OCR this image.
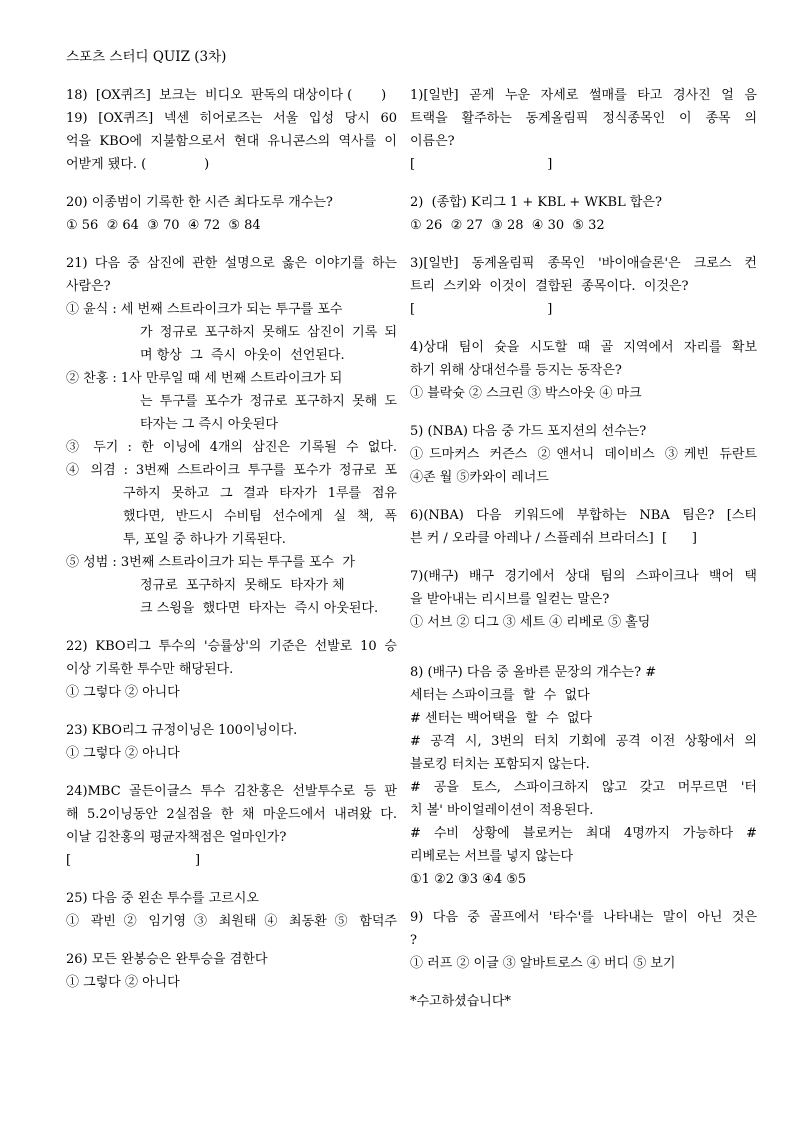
스포츠 스터디 QUIZ (3차)
18)  [OX퀴즈]  보크는  비디오  판독의 대상이다 (       )
19) [OX퀴즈] 넥센 히어로즈는 서울 입성 당시 60
억을 KBO에 지불함으로서 현대 유니콘스의 역사를 이
어받게 됐다. (              )
20) 이종범이 기록한 한 시즌 최다도루 개수는?
① 56  ② 64  ③ 70  ④ 72  ⑤ 84
21) 다음 중 삼진에 관한 설명으로 옳은 이야기를 하는
사람은?
① 윤식 : 세 번째 스트라이크가 되는 투구를 포수
가 정규로 포구하지 못해도 삼진이 기록 되
며 항상  그  즉시  아웃이  선언된다.
② 찬홍 : 1사 만루일 때 세 번째 스트라이크가 되
는 투구를 포수가 정규로 포구하지 못해 도
타자는 그 즉시 아웃된다
③ 두기 : 한 이닝에 4개의 삼진은 기록될 수 없다.
④ 의겸 : 3번째 스트라이크 투구를 포수가 정규로 포
구하지 못하고 그 결과 타자가 1루를 점유
했다면, 반드시 수비팀 선수에게 실 책, 폭
투, 포일 중 하나가 기록된다.
⑤ 성범 : 3번째 스트라이크가 되는 투구를 포수  가
정규로  포구하지  못해도  타자가 체
크 스윙을  했다면  타자는  즉시 아웃된다.
22) KBO리그 투수의 '승률상'의 기준은 선발로 10 승
이상 기록한 투수만 해당된다.
① 그렇다 ② 아니다
23) KBO리그 규정이닝은 100이닝이다.
① 그렇다 ② 아니다
24)MBC 골든이글스 투수 김찬홍은 선발투수로 등 판
해 5.2이닝동안 2실점을 한 채 마운드에서 내려왔 다.
이날 김찬홍의 평균자책점은 얼마인가?
[                              ]
25) 다음 중 왼손 투수를 고르시오
① 곽빈 ② 임기영 ③ 최원태 ④ 최동환 ⑤ 함덕주
26) 모든 완봉승은 완투승을 겸한다
① 그렇다 ② 아니다
1)[일반] 곧게 누운 자세로 썰매를 타고 경사진 얼 음
트랙을 활주하는 동계올림픽 정식종목인 이 종목 의
이름은?
[                                ]
2)  (종합) K리그 1 + KBL + WKBL 합은?
① 26  ② 27  ③ 28  ④ 30  ⑤ 32
3)[일반] 동계올림픽 종목인 '바이애슬론'은 크로스 컨
트리  스키와  이것이  결합된  종목이다.  이것은?
[                                ]
4)상대 팀이 슛을 시도할 때 골 지역에서 자리를 확보
하기 위해 상대선수를 등지는 동작은?
① 블락슛 ② 스크린 ③ 박스아웃 ④ 마크
5) (NBA) 다음 중 가드 포지션의 선수는?
①드마커스 커즌스 ②앤서니 데이비스 ③케빈 듀란트
④존 월 ⑤카와이 레너드
6)(NBA) 다음 키워드에 부합하는 NBA 팀은? [스티
븐 커 / 오라클 아레나 / 스플레쉬 브라더스]  [      ]
7)(배구) 배구 경기에서 상대 팀의 스파이크나 백어 택
을 받아내는 리시브를 일컫는 말은?
① 서브 ② 디그 ③ 세트 ④ 리베로 ⑤ 홀딩
8) (배구) 다음 중 올바른 문장의 개수는? #
세터는 스파이크를  할  수  없다
# 센터는 백어택을  할  수  없다
# 공격 시, 3번의 터치 기회에 공격 이전 상황에서 의
블로킹 터치는 포함되지 않는다.
# 공을 토스, 스파이크하지 않고 갖고 머무르면 '터
치 볼' 바이얼레이션이 적용된다.
# 수비 상황에 블로커는 최대 4명까지 가능하다 #
리베로는 서브를 넣지 않는다
①1 ②2 ③3 ④4 ⑤5
9) 다음 중 골프에서 '타수'를 나타내는 말이 아닌 것은
?
① 러프 ② 이글 ③ 알바트로스 ④ 버디 ⑤ 보기
*수고하셨습니다*
